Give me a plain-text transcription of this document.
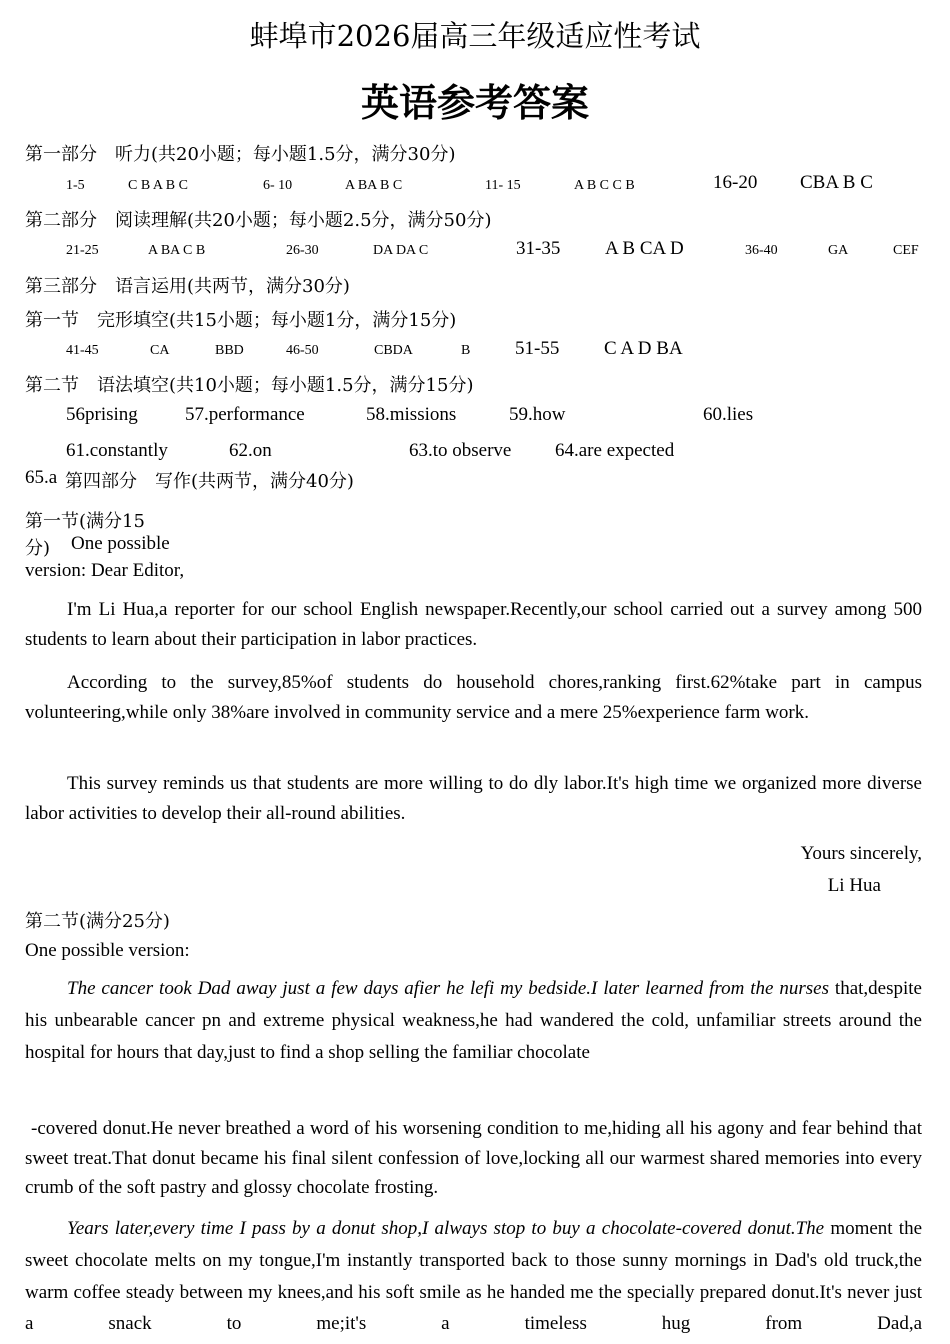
蚌埠市2026届高三年级适应性考试
英语参考答案
第一部分　听力(共20小题；每小题1.5分，满分30分)
1-5	C B A B C	6- 10	A BA B C	11- 15	A B C C B	16-20 CBA B C
第二部分　阅读理解(共20小题；每小题2.5分，满分50分)
21-25	A BA C B	26-30	DA DA C	31-35 A B CA D	36-40	GA	CEF
第三部分　语言运用(共两节，满分30分)
第一节　完形填空(共15小题；每小题1分，满分15分)
41-45	CA	BBD	46-50	CBDA	B 51-55 C A D BA
第二节　语法填空(共10小题；每小题1.5分，满分15分)
56prising 57.performance	58.missions	59.how	60.lies
61.constantly	62.on	63.to observe 64.are expected
65.a 第四部分　写作(共两节，满分40分)
第一节(满分15
分) One possible
version: Dear Editor,
I'm Li Hua,a reporter for our school English newspaper.Recently,our school carried out a survey among 500 students to learn about their participation in labor practices.
According to the survey,85%of students do household chores,ranking first.62%take part in campus volunteering,while only 38%are involved in community service and a mere 25%experience farm work.
This survey reminds us that students are more willing to do dly labor.It's high time we organized more diverse labor activities to develop their all-round abilities.
Yours sincerely,
Li Hua
第二节(满分25分)
One possible version:
The cancer took Dad away just a few days afier he lefi my bedside.I later learned from the nurses that,despite his unbearable cancer pn and extreme physical weakness,he had wandered the cold, unfamiliar streets around the hospital for hours that day,just to find a shop selling the familiar chocolate
-covered donut.He never breathed a word of his worsening condition to me,hiding all his agony and fear behind that sweet treat.That donut became his final silent confession of love,locking all our warmest shared memories into every crumb of the soft pastry and glossy chocolate frosting.
Years later,every time I pass by a donut shop,I always stop to buy a chocolate-covered donut.The moment the sweet chocolate melts on my tongue,I'm instantly transported back to those sunny mornings in Dad's old truck,the warm coffee steady between my knees,and his soft smile as he handed me the specially prepared donut.It's never just a snack to me;it's a timeless hug from Dad,a
